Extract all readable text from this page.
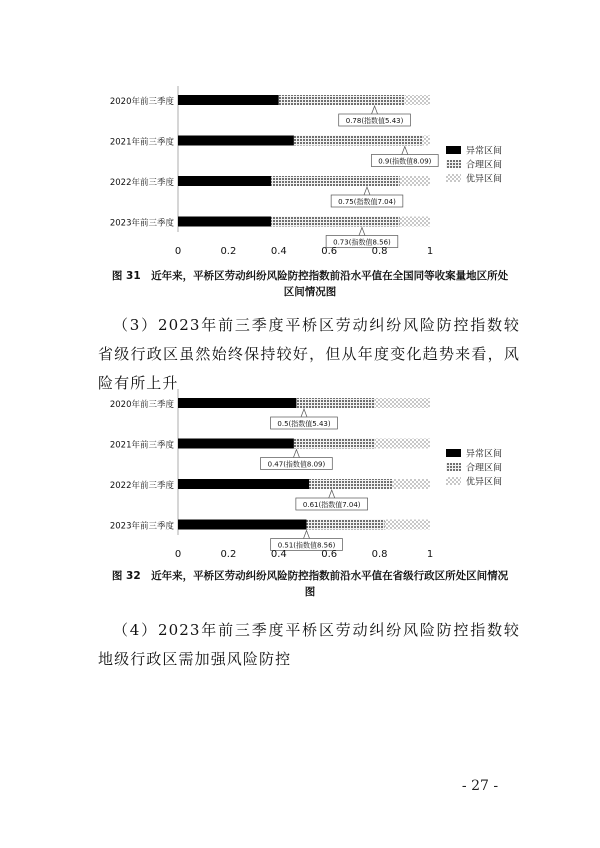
2020年前三季度
0.78(指数值5.43)
2021年前三季度
0.9(指数值8.09)
2022年前三季度
0.75(指数值7.04)
2023年前三季度
0.73(指数值8.56)
0	0.2	0.4	0.6	0.8	1
异常区间
合理区间
优异区间
图 31　近年来，平桥区劳动纠纷风险防控指数前沿水平值在全国同等收案量地区所处
区间情况图
（3）2023年前三季度平桥区劳动纠纷风险防控指数较省级行政区虽然始终保持较好，但从年度变化趋势来看，风险有所上升
2020年前三季度
0.5(指数值5.43)
2021年前三季度
0.47(指数值8.09)
2022年前三季度
0.61(指数值7.04)
2023年前三季度
0.51(指数值8.56)
0	0.2	0.4	0.6	0.8	1
异常区间
合理区间
优异区间
图 32　近年来，平桥区劳动纠纷风险防控指数前沿水平值在省级行政区所处区间情况
图
（4）2023年前三季度平桥区劳动纠纷风险防控指数较地级行政区需加强风险防控
- 27 -
